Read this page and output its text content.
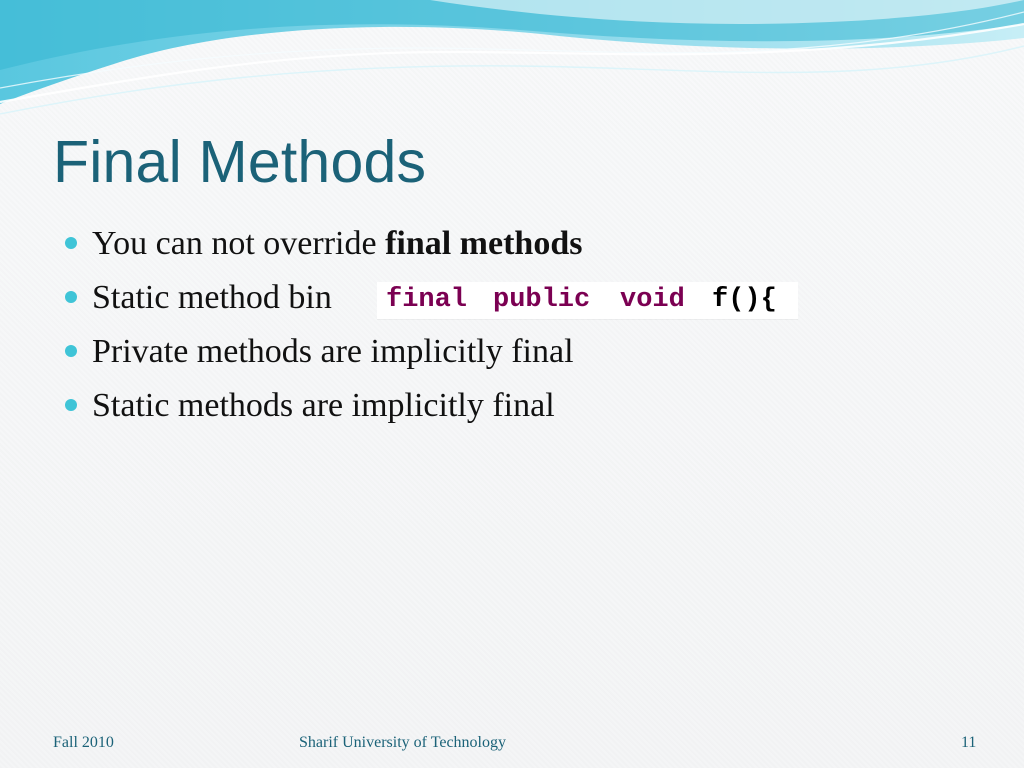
Final Methods
You can not override final methods
Static method bin
Private methods are implicitly final
Static methods are implicitly final
final public void f(){
Fall 2010	Sharif University of Technology	11
